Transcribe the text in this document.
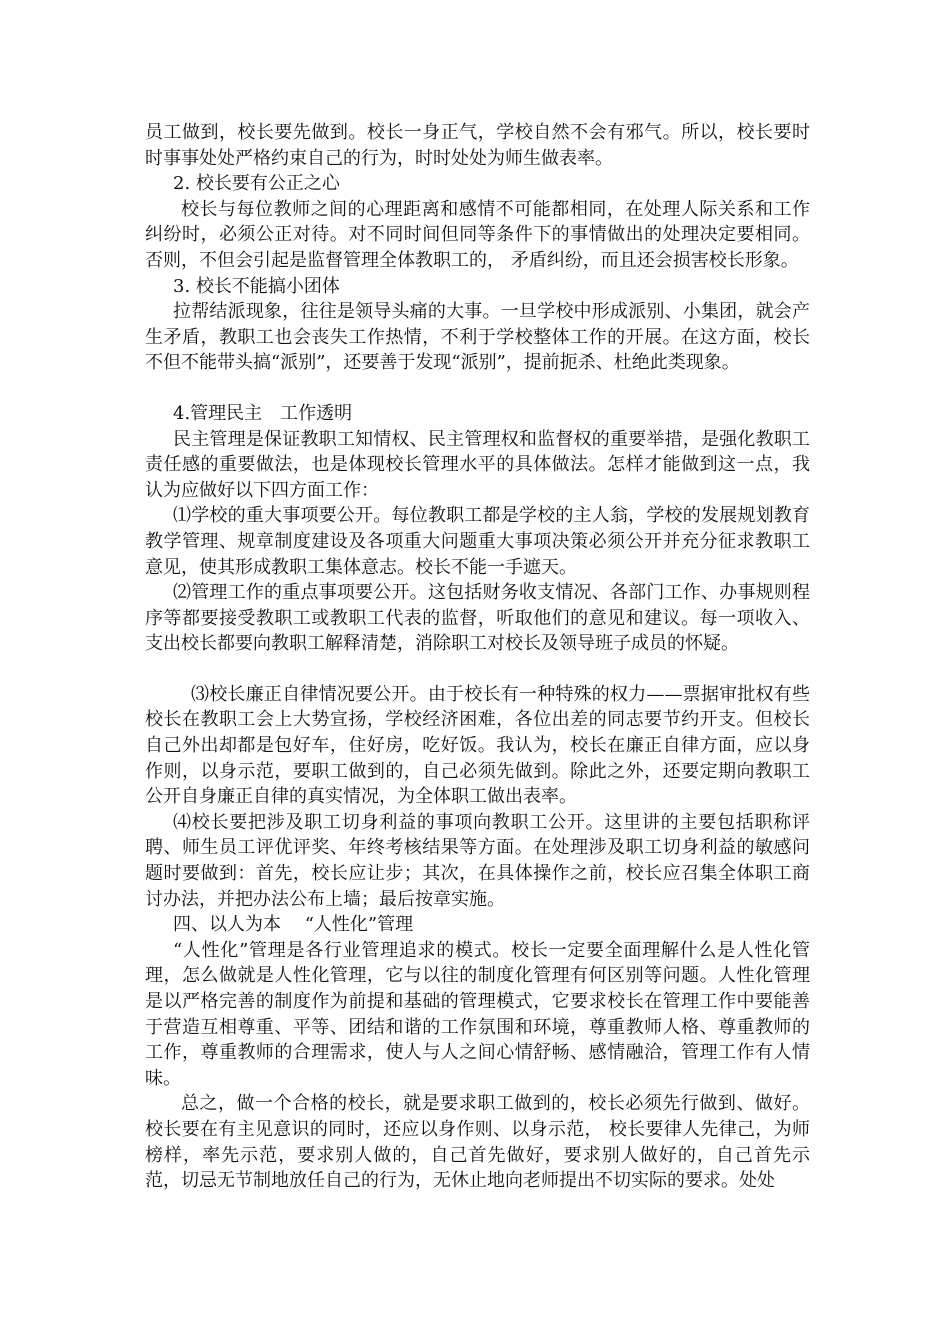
员工做到，校长要先做到。校长一身正气，学校自然不会有邪气。所以，校长要时时事事处处严格约束自己的行为，时时处处为师生做表率。

2. 校长要有公正之心

校长与每位教师之间的心理距离和感情不可能都相同，在处理人际关系和工作纠纷时，必须公正对待。对不同时间但同等条件下的事情做出的处理决定要相同。否则，不但会引起是监督管理全体教职工的， 矛盾纠纷，而且还会损害校长形象。

3. 校长不能搞小团体

拉帮结派现象，往往是领导头痛的大事。一旦学校中形成派别、小集团，就会产生矛盾，教职工也会丧失工作热情，不利于学校整体工作的开展。在这方面，校长不但不能带头搞“派别”，还要善于发现“派别”，提前扼杀、杜绝此类现象。

4.管理民主　工作透明

民主管理是保证教职工知情权、民主管理权和监督权的重要举措，是强化教职工责任感的重要做法，也是体现校长管理水平的具体做法。怎样才能做到这一点，我认为应做好以下四方面工作：

⑴学校的重大事项要公开。每位教职工都是学校的主人翁，学校的发展规划教育教学管理、规章制度建设及各项重大问题重大事项决策必须公开并充分征求教职工意见，使其形成教职工集体意志。校长不能一手遮天。

⑵管理工作的重点事项要公开。这包括财务收支情况、各部门工作、办事规则程序等都要接受教职工或教职工代表的监督，听取他们的意见和建议。每一项收入、支出校长都要向教职工解释清楚，消除职工对校长及领导班子成员的怀疑。

⑶校长廉正自律情况要公开。由于校长有一种特殊的权力——票据审批权有些校长在教职工会上大势宣扬，学校经济困难，各位出差的同志要节约开支。但校长自己外出却都是包好车，住好房，吃好饭。我认为，校长在廉正自律方面，应以身作则，以身示范，要职工做到的，自己必须先做到。除此之外，还要定期向教职工公开自身廉正自律的真实情况，为全体职工做出表率。

⑷校长要把涉及职工切身利益的事项向教职工公开。这里讲的主要包括职称评聘、师生员工评优评奖、年终考核结果等方面。在处理涉及职工切身利益的敏感问题时要做到：首先，校长应让步；其次，在具体操作之前，校长应召集全体职工商讨办法，并把办法公布上墙；最后按章实施。

四、以人为本　 “人性化”管理

“人性化”管理是各行业管理追求的模式。校长一定要全面理解什么是人性化管理，怎么做就是人性化管理，它与以往的制度化管理有何区别等问题。人性化管理是以严格完善的制度作为前提和基础的管理模式，它要求校长在管理工作中要能善于营造互相尊重、平等、团结和谐的工作氛围和环境，尊重教师人格、尊重教师的工作，尊重教师的合理需求，使人与人之间心情舒畅、感情融洽，管理工作有人情味。

总之，做一个合格的校长，就是要求职工做到的，校长必须先行做到、做好。校长要在有主见意识的同时，还应以身作则、以身示范， 校长要律人先律己，为师榜样，率先示范，要求别人做的，自己首先做好，要求别人做好的，自己首先示范，切忌无节制地放任自己的行为，无休止地向老师提出不切实际的要求。处处
